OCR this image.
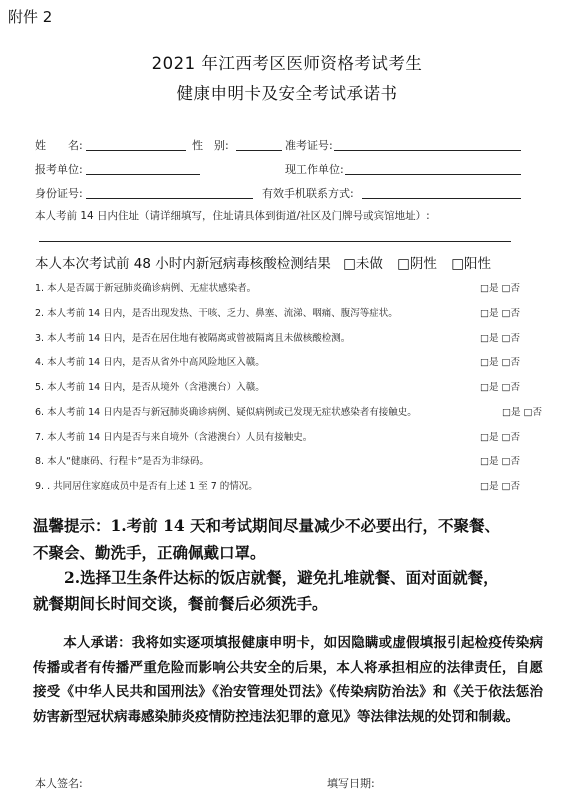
附件 2
2021 年江西考区医师资格考试考生
健康申明卡及安全考试承诺书
姓　　名:	性　别:	准考证号:
报考单位:	现工作单位:
身份证号:	有效手机联系方式:
本人考前 14 日内住址（请详细填写，住址请具体到街道/社区及门牌号或宾馆地址）:
本人本次考试前 48 小时内新冠病毒核酸检测结果 □未做 □阴性 □阳性
1. 本人是否属于新冠肺炎确诊病例、无症状感染者。	□是 □否
2. 本人考前 14 日内，是否出现发热、干咳、乏力、鼻塞、流涕、咽痛、腹泻等症状。	□是 □否
3. 本人考前 14 日内，是否在居住地有被隔离或曾被隔离且未做核酸检测。	□是 □否
4. 本人考前 14 日内，是否从省外中高风险地区入赣。	□是 □否
5. 本人考前 14 日内，是否从境外（含港澳台）入赣。	□是 □否
6. 本人考前 14 日内是否与新冠肺炎确诊病例、疑似病例或已发现无症状感染者有接触史。	□是 □否
7. 本人考前 14 日内是否与来自境外（含港澳台）人员有接触史。	□是 □否
8. 本人“健康码、行程卡”是否为非绿码。	□是 □否
9. . 共同居住家庭成员中是否有上述 1 至 7 的情况。	□是 □否
温馨提示：1.考前 14 天和考试期间尽量减少不必要出行，不聚餐、
不聚会、勤洗手，正确佩戴口罩。
2.选择卫生条件达标的饭店就餐，避免扎堆就餐、面对面就餐，
就餐期间长时间交谈，餐前餐后必须洗手。
本人承诺：我将如实逐项填报健康申明卡，如因隐瞒或虚假填报引起检疫传染病传播或者有传播严重危险而影响公共安全的后果，本人将承担相应的法律责任，自愿接受《中华人民共和国刑法》《治安管理处罚法》《传染病防治法》和《关于依法惩治妨害新型冠状病毒感染肺炎疫情防控违法犯罪的意见》等法律法规的处罚和制裁。
本人签名:	填写日期:
